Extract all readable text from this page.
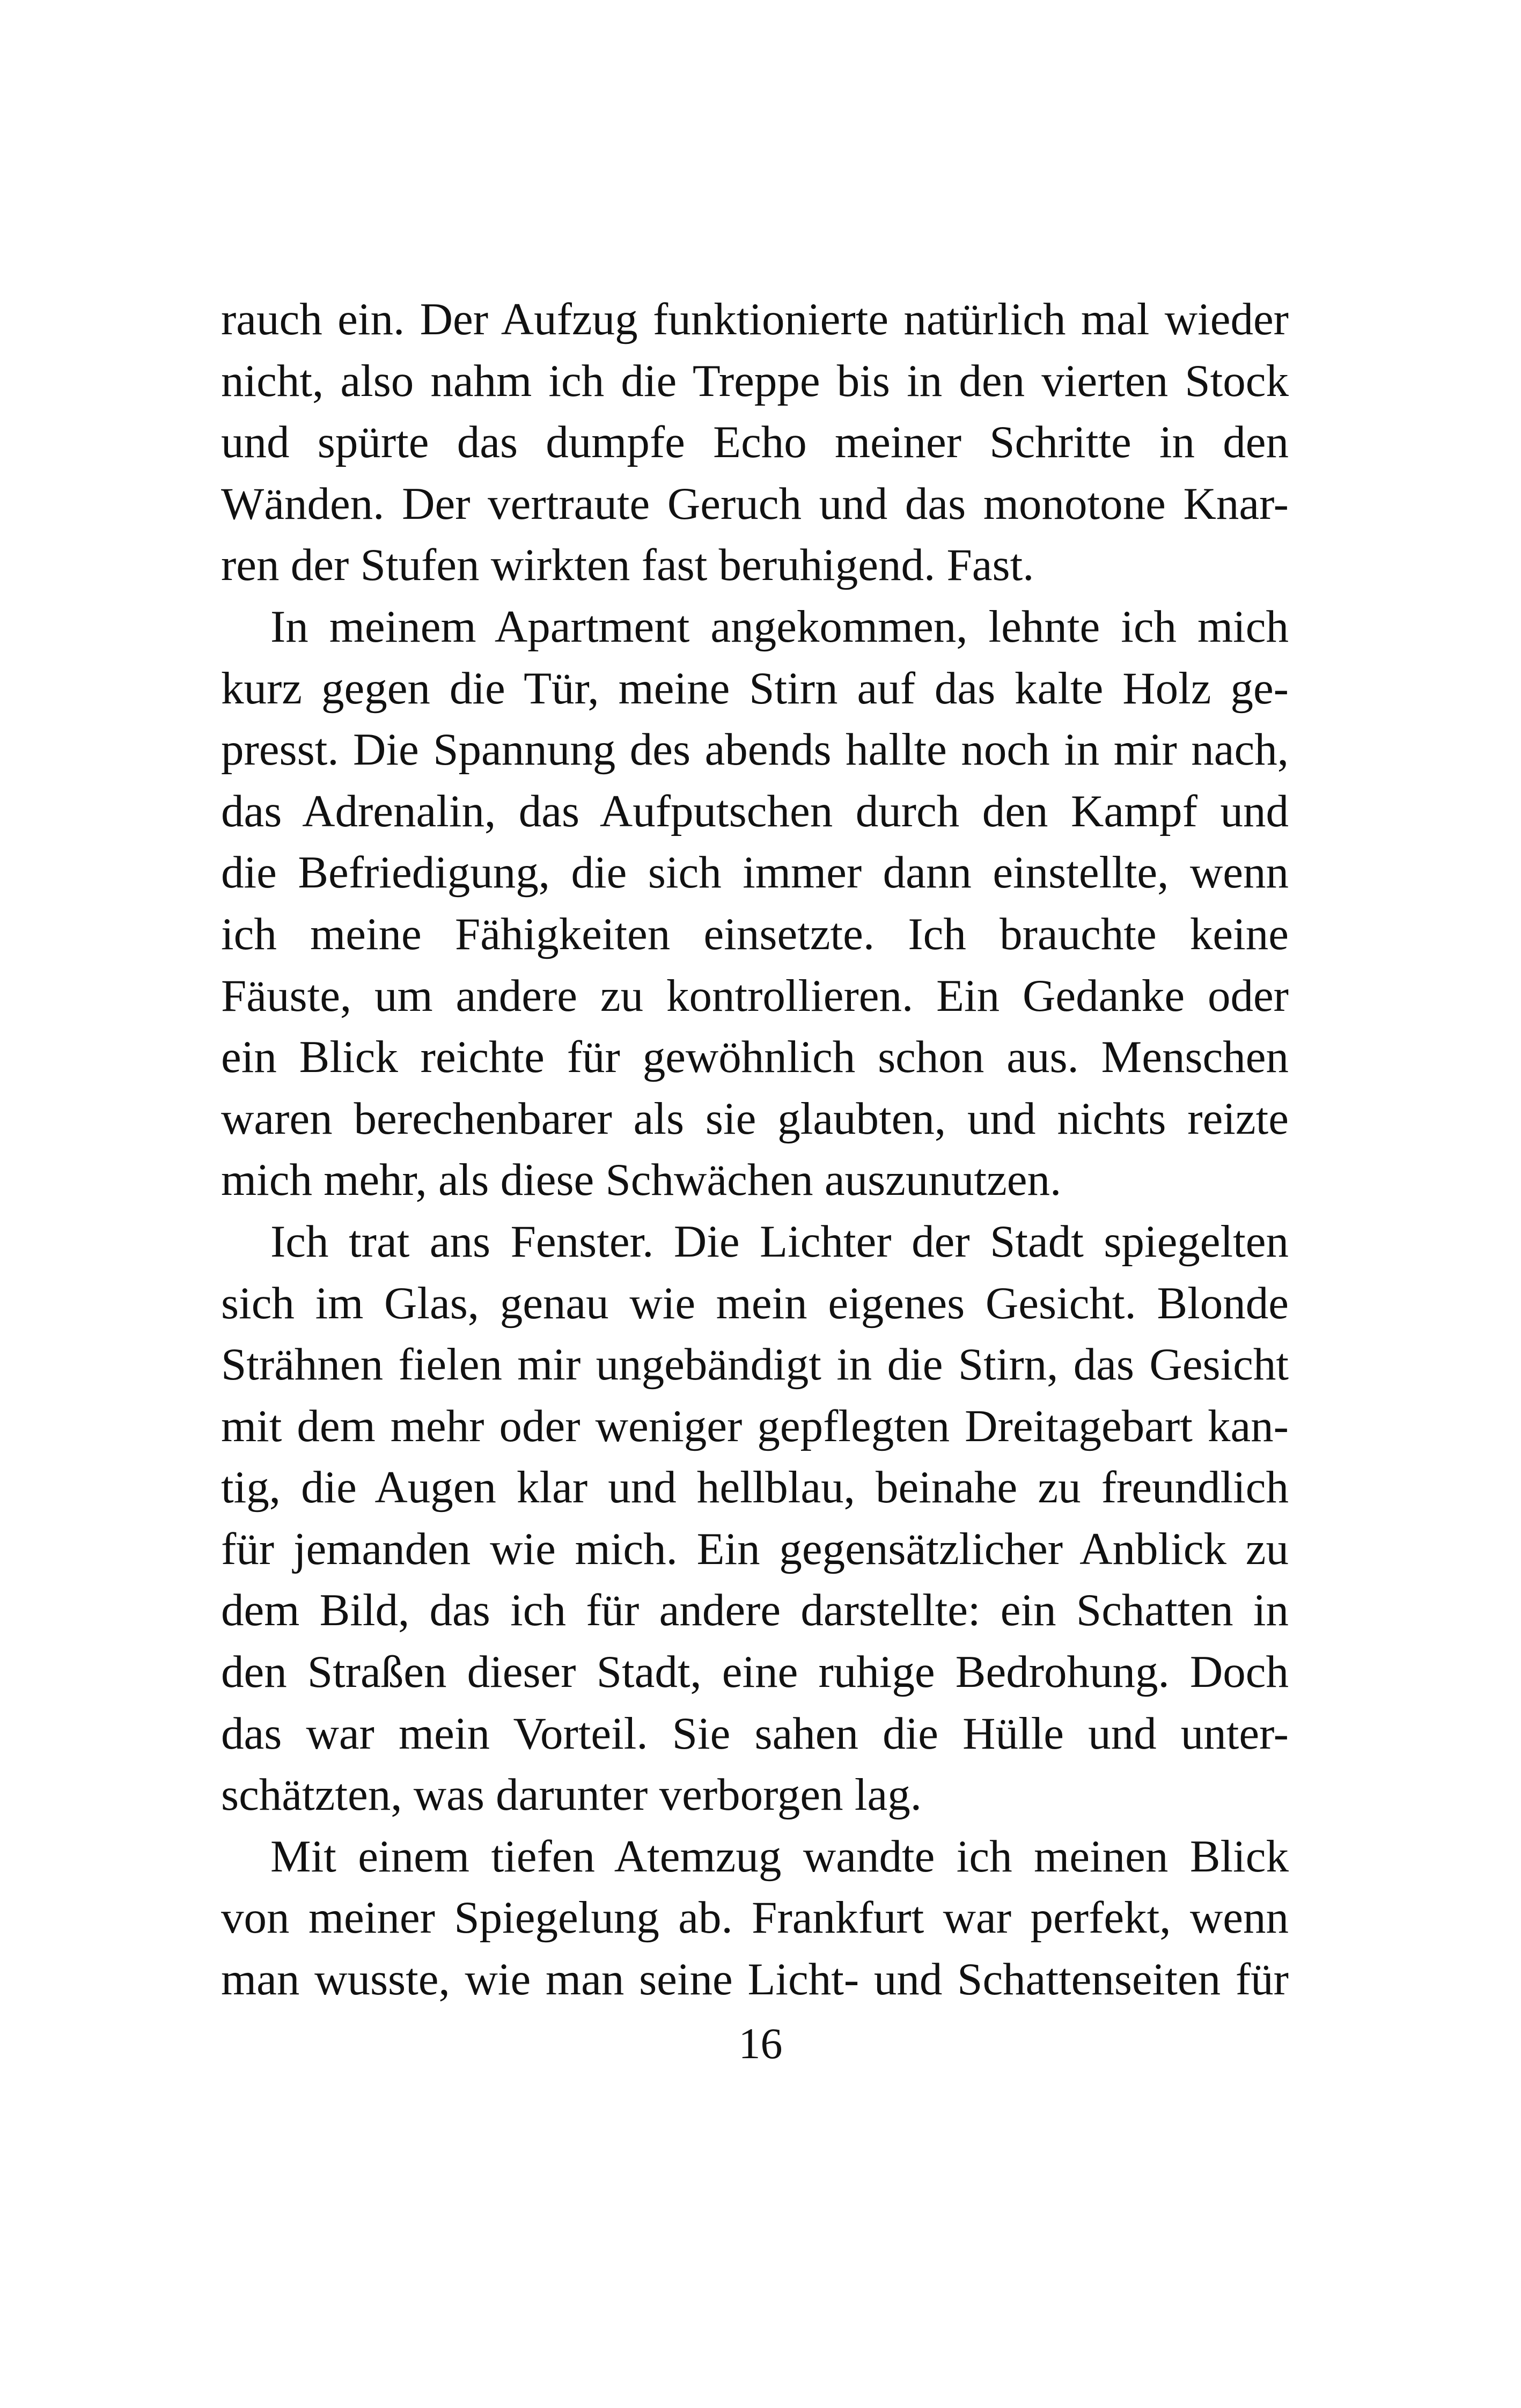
rauch ein. Der Aufzug funktionierte natürlich mal wieder
nicht, also nahm ich die Treppe bis in den vierten Stock
und spürte das dumpfe Echo meiner Schritte in den
Wänden. Der vertraute Geruch und das monotone Knar-
ren der Stufen wirkten fast beruhigend. Fast.
In meinem Apartment angekommen, lehnte ich mich
kurz gegen die Tür, meine Stirn auf das kalte Holz ge-
presst. Die Spannung des abends hallte noch in mir nach,
das Adrenalin, das Aufputschen durch den Kampf und
die Befriedigung, die sich immer dann einstellte, wenn
ich meine Fähigkeiten einsetzte. Ich brauchte keine
Fäuste, um andere zu kontrollieren. Ein Gedanke oder
ein Blick reichte für gewöhnlich schon aus. Menschen
waren berechenbarer als sie glaubten, und nichts reizte
mich mehr, als diese Schwächen auszunutzen.
Ich trat ans Fenster. Die Lichter der Stadt spiegelten
sich im Glas, genau wie mein eigenes Gesicht. Blonde
Strähnen fielen mir ungebändigt in die Stirn, das Gesicht
mit dem mehr oder weniger gepflegten Dreitagebart kan-
tig, die Augen klar und hellblau, beinahe zu freundlich
für jemanden wie mich. Ein gegensätzlicher Anblick zu
dem Bild, das ich für andere darstellte: ein Schatten in
den Straßen dieser Stadt, eine ruhige Bedrohung. Doch
das war mein Vorteil. Sie sahen die Hülle und unter-
schätzten, was darunter verborgen lag.
Mit einem tiefen Atemzug wandte ich meinen Blick
von meiner Spiegelung ab. Frankfurt war perfekt, wenn
man wusste, wie man seine Licht- und Schattenseiten für
16
